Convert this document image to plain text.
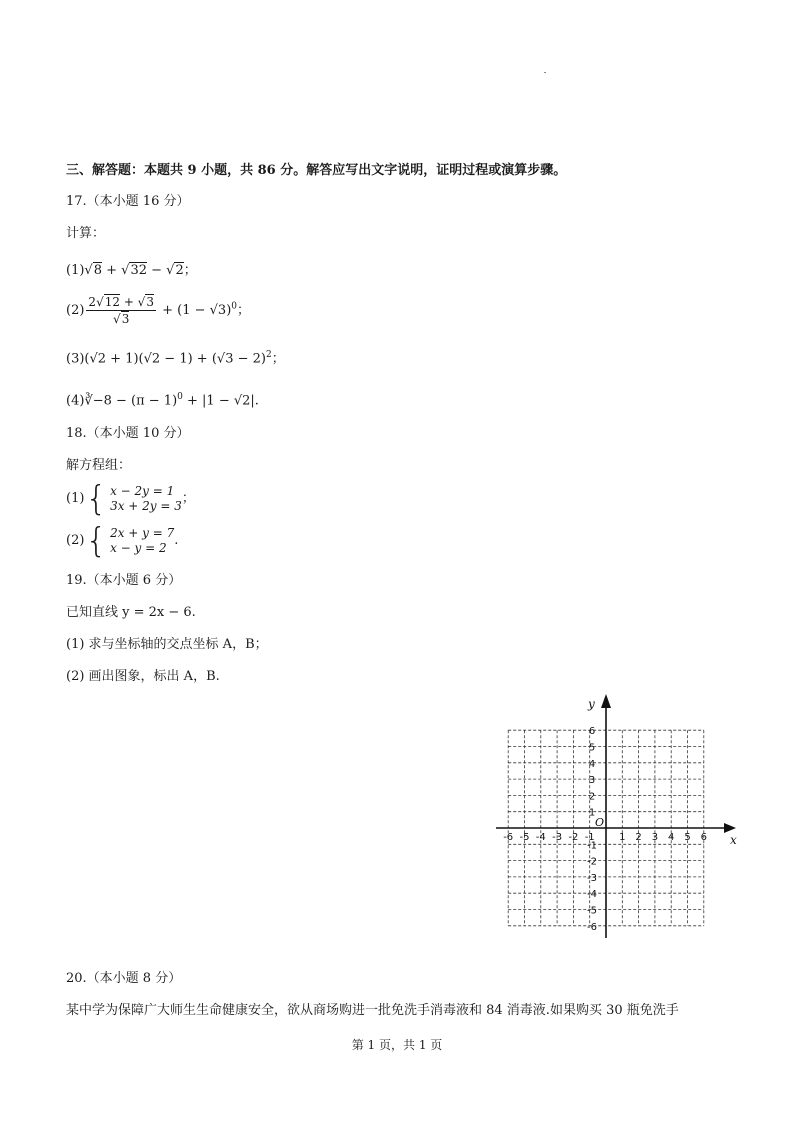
三、解答题：本题共 9 小题，共 86 分。解答应写出文字说明，证明过程或演算步骤。
17.（本小题 16 分）
计算：
(1)√8 + √32 − √2；
$(2) \frac{2√12 + √3}{√3} + (1 - √3)^0$；
$(3)(√2 + 1)(√2 - 1) + (√3 - 2)^2$；
(4)∛−8 − $(\pi - 1)^0 + |1 - √2|$.
18.（本小题 10 分）
解方程组：
(1) { x − 2y = 1
3x + 2y = 3 ；
(2) { 2x + y = 7
x − y = 2 .
19.（本小题 6 分）
已知直线 y = 2x − 6.
(1) 求与坐标轴的交点坐标 A，B；
(2) 画出图象，标出 A，B.
x
y
O
-6 -5 -4 -3 -2 -1 1 2 3 4 5 6
6
5
4
3
2
1
-1
-2
-3
-4
-5
-6
20.（本小题 8 分）
某中学为保障广大师生生命健康安全，欲从商场购进一批免洗手消毒液和 84 消毒液.如果购买 30 瓶免洗手
第 1 页，共 1 页
